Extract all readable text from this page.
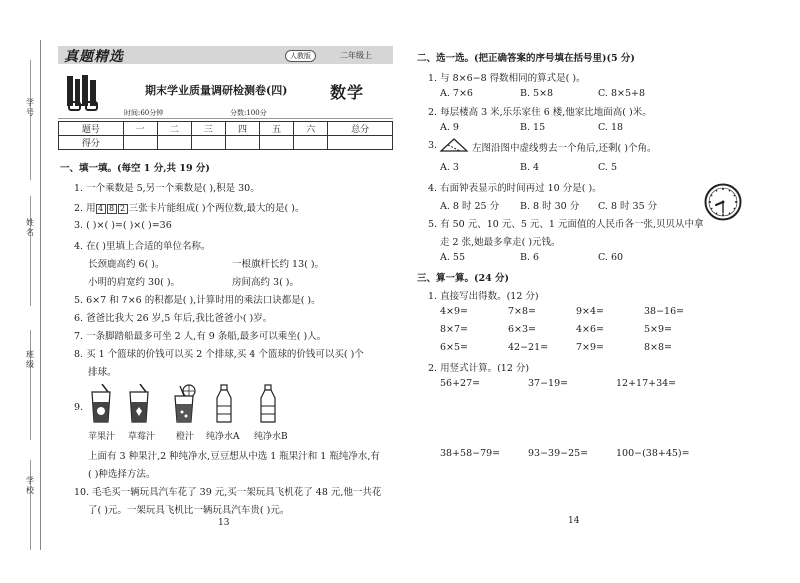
学号
姓名
班级
学校
真题精选	人教版	二年级上
期末学业质量调研检测卷(四)	数学
时间:60分钟	分数:100分
题号	一	二	三	四	五	六	总分
得分							
一、填一填。(每空 1 分,共 19 分)
1. 一个乘数是 5,另一个乘数是( ),积是 30。
2. 用 4 8 2 三张卡片能组成( )个两位数,最大的是( )。
3. ( )×( )=( )×( )=36
4. 在( )里填上合适的单位名称。
长颈鹿高约 6( )。	一根旗杆长约 13( )。
小明的肩宽约 30( )。	房间高约 3( )。
5. 6×7 和 7×6 的积都是( ),计算时用的乘法口诀都是( )。
6. 爸爸比我大 26 岁,5 年后,我比爸爸小( )岁。
7. 一条脚踏船最多可坐 2 人,有 9 条船,最多可以乘坐( )人。
8. 买 1 个篮球的价钱可以买 2 个排球,买 4 个篮球的价钱可以买( )个
排球。
9.
苹果汁 草莓汁 橙汁 纯净水A 纯净水B
上面有 3 种果汁,2 种纯净水,豆豆想从中选 1 瓶果汁和 1 瓶纯净水,有
( )种选择方法。
10. 毛毛买一辆玩具汽车花了 39 元,买一架玩具飞机花了 48 元,他一共花
了( )元。一架玩具飞机比一辆玩具汽车贵( )元。
13
二、选一选。(把正确答案的序号填在括号里)(5 分)
1. 与 8×6−8 得数相同的算式是( )。
A. 7×6	B. 5×8	C. 8×5+8
2. 每层楼高 3 米,乐乐家住 6 楼,他家比地面高( )米。
A. 9	B. 15	C. 18
3.	左图沿图中虚线剪去一个角后,还剩( )个角。
A. 3	B. 4	C. 5
4. 右面钟表显示的时间再过 10 分是( )。
A. 8 时 25 分 B. 8 时 30 分 C. 8 时 35 分
5. 有 50 元、10 元、5 元、1 元面值的人民币各一张,贝贝从中拿
走 2 张,她最多拿走( )元钱。
A. 55	B. 6	C. 60
三、算一算。(24 分)
1. 直接写出得数。(12 分)
4×9=	7×8=	9×4=	38−16=
8×7=	6×3=	4×6=	5×9=
6×5=	42−21=	7×9=	8×8=
2. 用竖式计算。(12 分)
56+27=	37−19=	12+17+34=
38+58−79=	93−39−25=	100−(38+45)=
14
